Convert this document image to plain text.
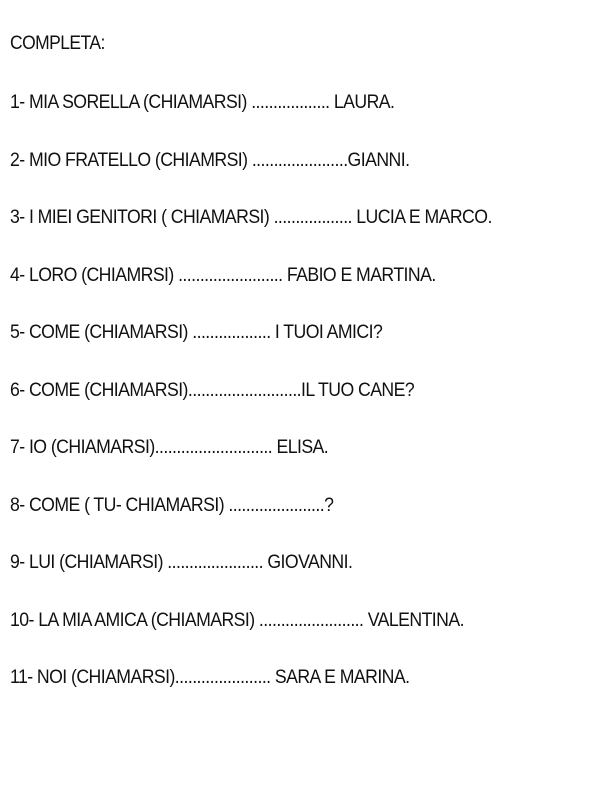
COMPLETA:
1- MIA SORELLA (CHIAMARSI) .................. LAURA.
2- MIO FRATELLO (CHIAMRSI) ......................GIANNI.
3- I MIEI GENITORI ( CHIAMARSI) .................. LUCIA E MARCO.
4- LORO (CHIAMRSI) ........................ FABIO E MARTINA.
5- COME (CHIAMARSI) .................. I TUOI AMICI?
6- COME (CHIAMARSI)..........................IL TUO CANE?
7- IO (CHIAMARSI)........................... ELISA.
8- COME ( TU- CHIAMARSI) ......................?
9- LUI (CHIAMARSI) ...................... GIOVANNI.
10- LA MIA AMICA (CHIAMARSI) ........................ VALENTINA.
11- NOI (CHIAMARSI)...................... SARA E MARINA.
